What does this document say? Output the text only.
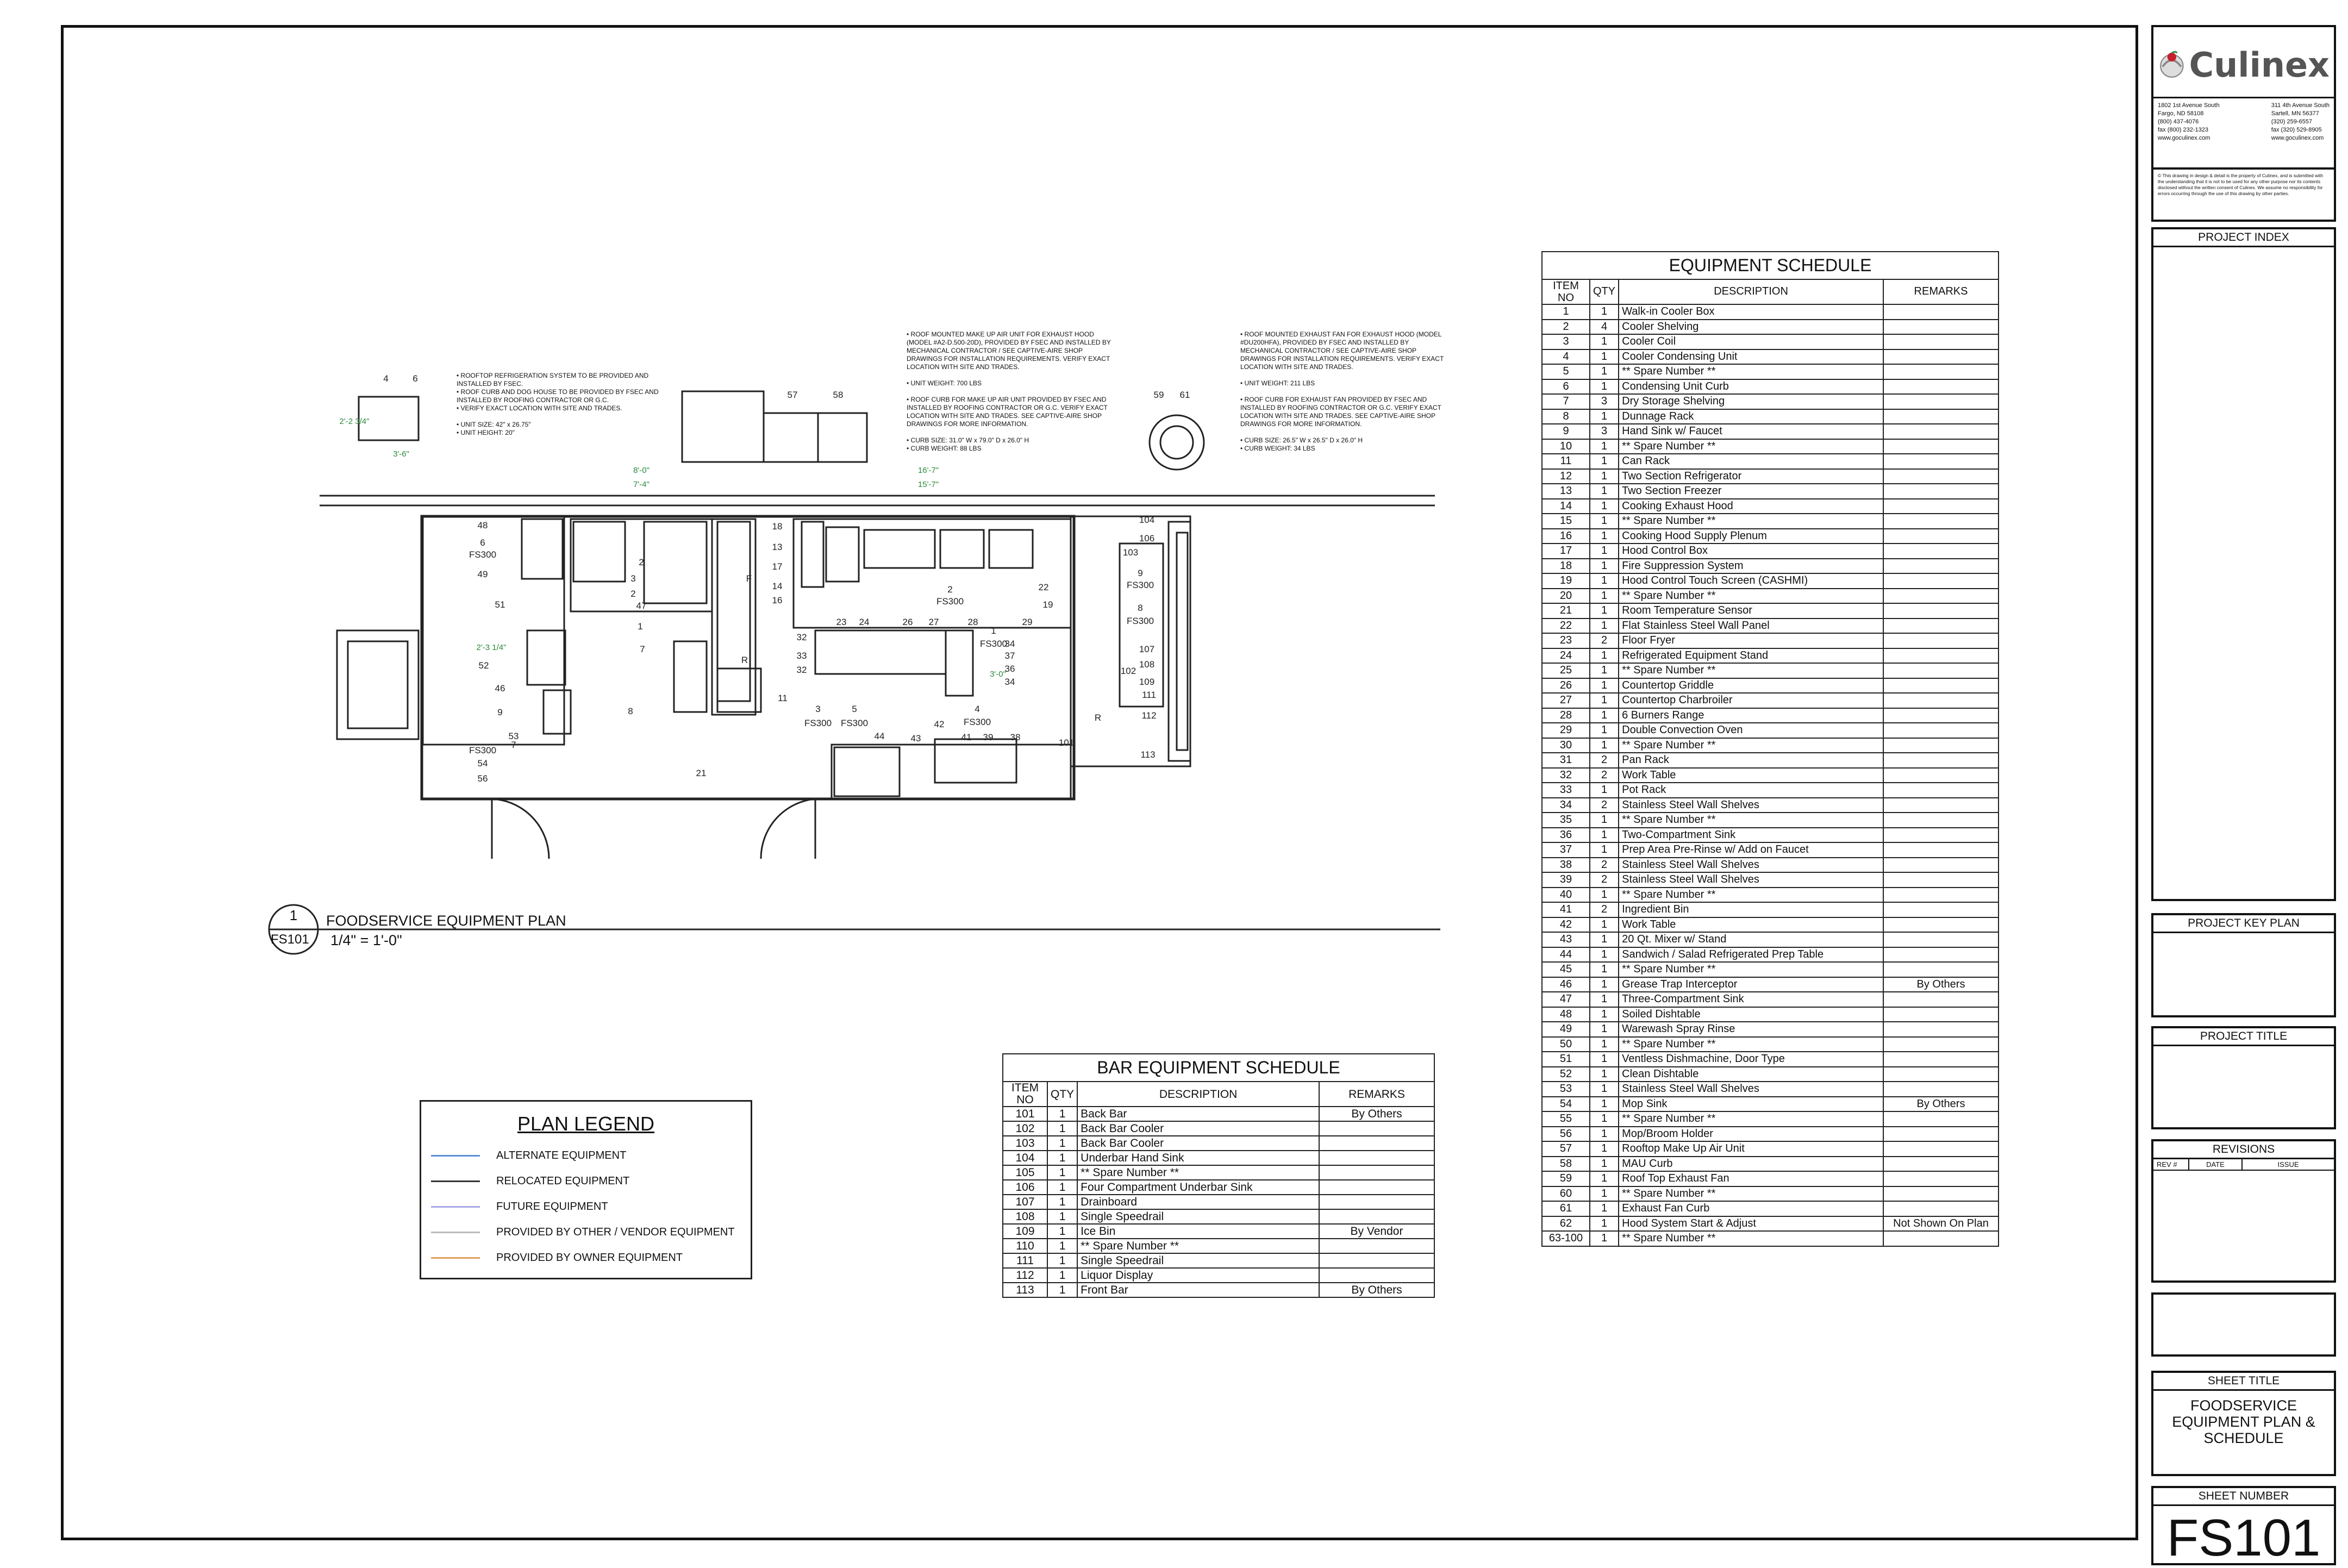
48
6
FS300
49
2
3
2
47
1
51
7
52
46
8
9
53
7
FS300
54
56
21
18
13
17
14
16
F
11
R
32
33
32
3
FS300
5
FS300
44	43
42
41 39 38
23 24	26 27
2
FS300
28
1
FS300
29
22
19
34
37
36
34
4
FS300
104
106
103
9
FS300
8
FS300
107
108
102
109
111
112
101
113
R
57	58	59 61
4	6
8'-0"
7'-4"
16'-7"
15'-7"
3'-0"
2'-3 1/4"
2'-2 3/4"
3'-6"
1
FS101
FOODSERVICE EQUIPMENT PLAN
1/4" = 1'-0"
• ROOFTOP REFRIGERATION SYSTEM TO BE PROVIDED AND INSTALLED BY FSEC.
• ROOF CURB AND DOG HOUSE TO BE PROVIDED BY FSEC AND INSTALLED BY ROOFING CONTRACTOR OR G.C.
• VERIFY EXACT LOCATION WITH SITE AND TRADES.

• UNIT SIZE: 42" x 26.75"
• UNIT HEIGHT: 20"
• ROOF MOUNTED MAKE UP AIR UNIT FOR EXHAUST HOOD (MODEL #A2-D.500-20D), PROVIDED BY FSEC AND INSTALLED BY MECHANICAL CONTRACTOR / SEE CAPTIVE-AIRE SHOP DRAWINGS FOR INSTALLATION REQUIREMENTS. VERIFY EXACT LOCATION WITH SITE AND TRADES.

• UNIT WEIGHT: 700 LBS

• ROOF CURB FOR MAKE UP AIR UNIT PROVIDED BY FSEC AND INSTALLED BY ROOFING CONTRACTOR OR G.C. VERIFY EXACT LOCATION WITH SITE AND TRADES. SEE CAPTIVE-AIRE SHOP DRAWINGS FOR MORE INFORMATION.

• CURB SIZE: 31.0" W x 79.0" D x 26.0" H
• CURB WEIGHT: 88 LBS
• ROOF MOUNTED EXHAUST FAN FOR EXHAUST HOOD (MODEL #DU200HFA), PROVIDED BY FSEC AND INSTALLED BY MECHANICAL CONTRACTOR / SEE CAPTIVE-AIRE SHOP DRAWINGS FOR INSTALLATION REQUIREMENTS. VERIFY EXACT LOCATION WITH SITE AND TRADES.

• UNIT WEIGHT: 211 LBS

• ROOF CURB FOR EXHAUST FAN PROVIDED BY FSEC AND INSTALLED BY ROOFING CONTRACTOR OR G.C. VERIFY EXACT LOCATION WITH SITE AND TRADES. SEE CAPTIVE-AIRE SHOP DRAWINGS FOR MORE INFORMATION.

• CURB SIZE: 26.5" W x 26.5" D x 26.0" H
• CURB WEIGHT: 34 LBS
PLAN LEGEND
ALTERNATE EQUIPMENT
RELOCATED EQUIPMENT
FUTURE EQUIPMENT
PROVIDED BY OTHER / VENDOR EQUIPMENT
PROVIDED BY OWNER EQUIPMENT
BAR EQUIPMENT SCHEDULE
ITEM
NO	QTY	DESCRIPTION	REMARKS
101	1	Back Bar	By Others
102	1	Back Bar Cooler	
103	1	Back Bar Cooler	
104	1	Underbar Hand Sink	
105	1	** Spare Number **	
106	1	Four Compartment Underbar Sink	
107	1	Drainboard	
108	1	Single Speedrail	
109	1	Ice Bin	By Vendor
110	1	** Spare Number **	
111	1	Single Speedrail	
112	1	Liquor Display	
113	1	Front Bar	By Others
EQUIPMENT SCHEDULE
ITEM
NO	QTY	DESCRIPTION	REMARKS
1	1	Walk-in Cooler Box	
2	4	Cooler Shelving	
3	1	Cooler Coil	
4	1	Cooler Condensing Unit	
5	1	** Spare Number **	
6	1	Condensing Unit Curb	
7	3	Dry Storage Shelving	
8	1	Dunnage Rack	
9	3	Hand Sink w/ Faucet	
10	1	** Spare Number **	
11	1	Can Rack	
12	1	Two Section Refrigerator	
13	1	Two Section Freezer	
14	1	Cooking Exhaust Hood	
15	1	** Spare Number **	
16	1	Cooking Hood Supply Plenum	
17	1	Hood Control Box	
18	1	Fire Suppression System	
19	1	Hood Control Touch Screen (CASHMI)	
20	1	** Spare Number **	
21	1	Room Temperature Sensor	
22	1	Flat Stainless Steel Wall Panel	
23	2	Floor Fryer	
24	1	Refrigerated Equipment Stand	
25	1	** Spare Number **	
26	1	Countertop Griddle	
27	1	Countertop Charbroiler	
28	1	6 Burners Range	
29	1	Double Convection Oven	
30	1	** Spare Number **	
31	2	Pan Rack	
32	2	Work Table	
33	1	Pot Rack	
34	2	Stainless Steel Wall Shelves	
35	1	** Spare Number **	
36	1	Two-Compartment Sink	
37	1	Prep Area Pre-Rinse w/ Add on Faucet	
38	2	Stainless Steel Wall Shelves	
39	2	Stainless Steel Wall Shelves	
40	1	** Spare Number **	
41	2	Ingredient Bin	
42	1	Work Table	
43	1	20 Qt. Mixer w/ Stand	
44	1	Sandwich / Salad Refrigerated Prep Table	
45	1	** Spare Number **	
46	1	Grease Trap Interceptor	By Others
47	1	Three-Compartment Sink	
48	1	Soiled Dishtable	
49	1	Warewash Spray Rinse	
50	1	** Spare Number **	
51	1	Ventless Dishmachine, Door Type	
52	1	Clean Dishtable	
53	1	Stainless Steel Wall Shelves	
54	1	Mop Sink	By Others
55	1	** Spare Number **	
56	1	Mop/Broom Holder	
57	1	Rooftop Make Up Air Unit	
58	1	MAU Curb	
59	1	Roof Top Exhaust Fan	
60	1	** Spare Number **	
61	1	Exhaust Fan Curb	
62	1	Hood System Start & Adjust	Not Shown On Plan
63-100	1	** Spare Number **	
Culinex
1802 1st Avenue South
Fargo, ND 58108
(800) 437-4076
fax (800) 232-1323
www.goculinex.com
311 4th Avenue South
Sartell, MN 56377
(320) 259-6557
fax (320) 529-8905
www.goculinex.com
© This drawing in design & detail is the property of Culinex, and is submitted with the understanding that it is not to be used for any other purpose nor its contents disclosed without the written consent of Culinex. We assume no responsibility for errors occurring through the use of this drawing by other parties.
PROJECT INDEX
PROJECT KEY PLAN
PROJECT TITLE
REVISIONS
REV #	DATE	ISSUE
SHEET TITLE
FOODSERVICE
EQUIPMENT PLAN &
SCHEDULE
SHEET NUMBER
FS101
